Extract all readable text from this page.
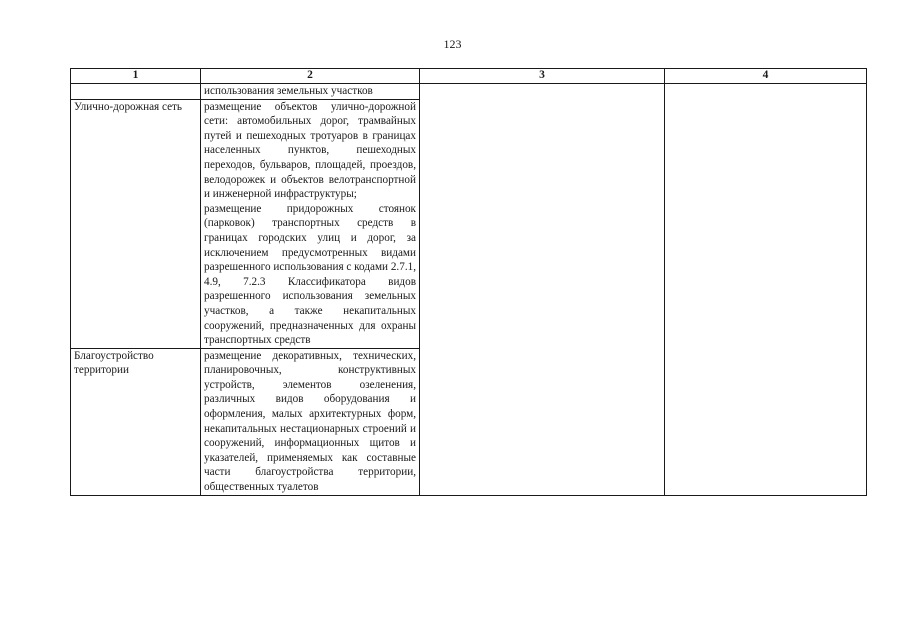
123
1	2	3	4
	использования земельных участков		
Улично-дорожная сеть	размещение объектов улично-дорожной сети: автомобильных дорог, трамвайных путей и пешеходных тротуаров в границах населенных пунктов, пешеходных переходов, бульваров, площадей, проездов, велодорожек и объектов велотранспортной и инженерной инфраструктуры;
размещение придорожных стоянок (парковок) транспортных средств в границах городских улиц и дорог, за исключением предусмотренных видами разрешенного использования с кодами 2.7.1, 4.9, 7.2.3 Классификатора видов разрешенного использования земельных участков, а также некапитальных сооружений, предназначенных для охраны транспортных средств		

Благоустройство территории	размещение декоративных, технических, планировочных, конструктивных устройств, элементов озеленения, различных видов оборудования и оформления, малых архитектурных форм, некапитальных нестационарных строений и сооружений, информационных щитов и указателей, применяемых как составные части благоустройства территории, общественных туалетов		
